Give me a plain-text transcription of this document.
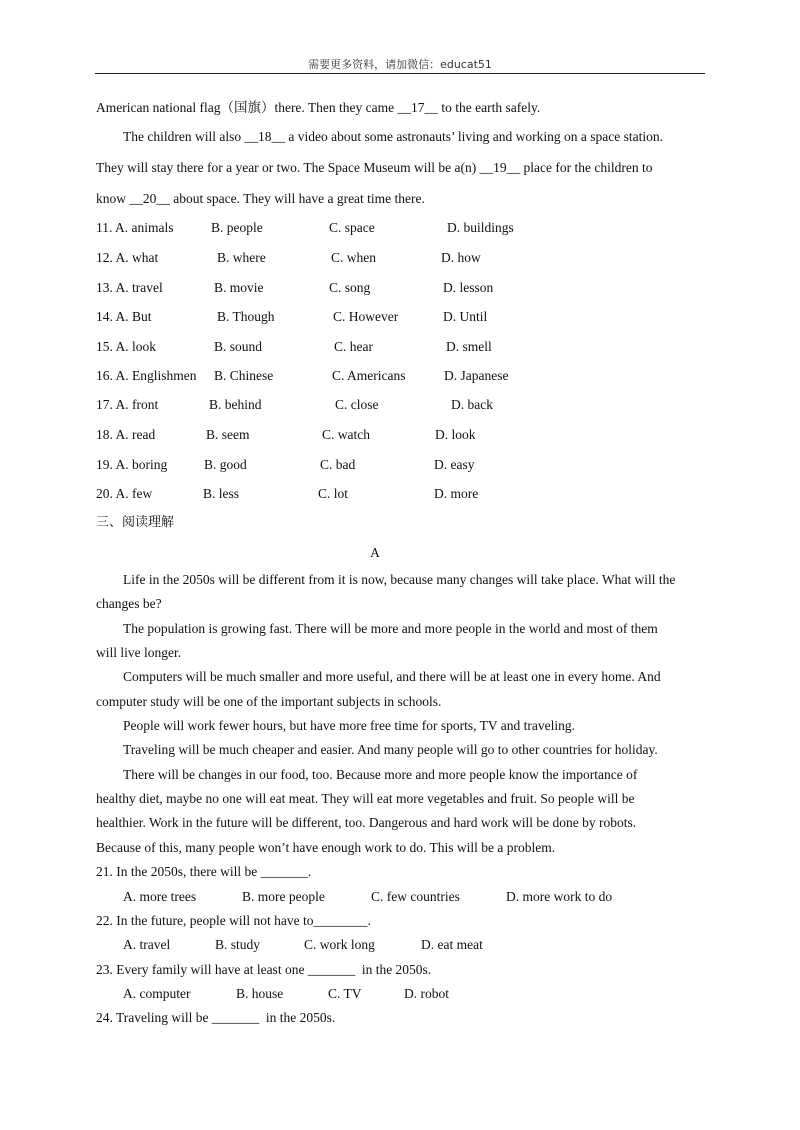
需要更多资料，请加微信：educat51
American national flag（国旗）there. Then they came __17__ to the earth safely.
The children will also __18__ a video about some astronauts’ living and working on a space station.
They will stay there for a year or two. The Space Museum will be a(n) __19__ place for the children to
know __20__ about space. They will have a great time there.
11. A. animals	B. people	C. space	D. buildings
12. A. what	B. where	C. when	D. how
13. A. travel	B. movie	C. song	D. lesson
14. A. But	B. Though	C. However	D. Until
15. A. look	B. sound	C. hear	D. smell
16. A. Englishmen B. Chinese	C. Americans	D. Japanese
17. A. front	B. behind	C. close	D. back
18. A. read	B. seem	C. watch	D. look
19. A. boring	B. good	C. bad	D. easy
20. A. few	B. less	C. lot	D. more
三、阅读理解
A
Life in the 2050s will be different from it is now, because many changes will take place. What will the
changes be?
The population is growing fast. There will be more and more people in the world and most of them
will live longer.
Computers will be much smaller and more useful, and there will be at least one in every home. And
computer study will be one of the important subjects in schools.
People will work fewer hours, but have more free time for sports, TV and traveling.
Traveling will be much cheaper and easier. And many people will go to other countries for holiday.
There will be changes in our food, too. Because more and more people know the importance of
healthy diet, maybe no one will eat meat. They will eat more vegetables and fruit. So people will be
healthier. Work in the future will be different, too. Dangerous and hard work will be done by robots.
Because of this, many people won’t have enough work to do. This will be a problem.
21. In the 2050s, there will be _______.
A. more trees	B. more people	C. few countries	D. more work to do
22. In the future, people will not have to________.
A. travel	B. study	C. work long	D. eat meat
23. Every family will have at least one _______  in the 2050s.
A. computer	B. house	C. TV	D. robot
24. Traveling will be _______  in the 2050s.
